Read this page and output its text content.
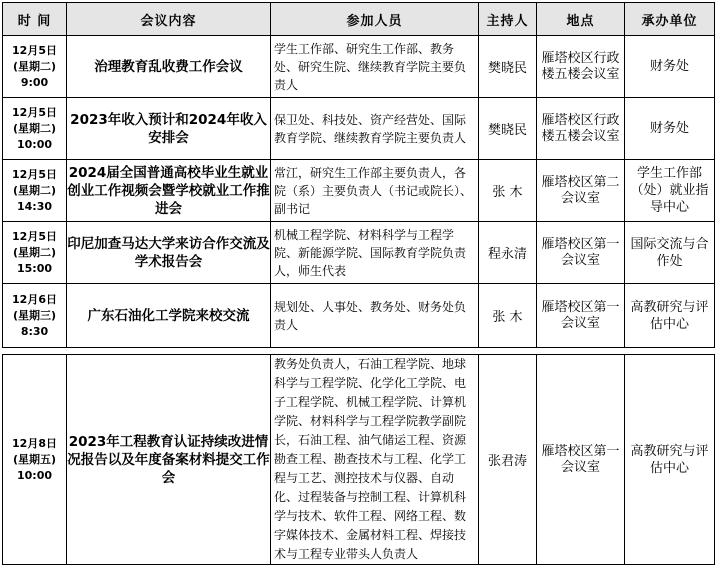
时 间	会议内容	参加人员	主持人	地点	承办单位

12月5日
(星期二)
9:00	治理教育乱收费工作会议	学生工作部、研究生工作部、教务处、研究生院、继续教育学院主要负责人	樊晓民	雁塔校区行政楼五楼会议室	财务处

12月5日
(星期二)
10:00	2023年收入预计和2024年收入安排会	保卫处、科技处、资产经营处、国际教育学院、继续教育学院主要负责人	樊晓民	雁塔校区行政楼五楼会议室	财务处

12月5日
(星期二)
14:30	2024届全国普通高校毕业生就业创业工作视频会暨学校就业工作推进会	常江，研究生工作部主要负责人，各院（系）主要负责人（书记或院长）、副书记	张 木	雁塔校区第二会议室	学生工作部（处）就业指导中心

12月5日
(星期二)
15:00	印尼加查马达大学来访合作交流及学术报告会	机械工程学院、材料科学与工程学院、新能源学院、国际教育学院负责人，师生代表	程永清	雁塔校区第一会议室	国际交流与合作处

12月6日
(星期三)
8:30	广东石油化工学院来校交流	规划处、人事处、教务处、财务处负责人	张 木	雁塔校区第一会议室	高教研究与评估中心

12月8日
(星期五)
10:00	2023年工程教育认证持续改进情况报告以及年度备案材料提交工作会	教务处负责人，石油工程学院、地球科学与工程学院、化学化工学院、电子工程学院、机械工程学院、计算机学院、材料科学与工程学院教学副院长，石油工程、油气储运工程、资源勘查工程、勘查技术与工程、化学工程与工艺、测控技术与仪器、自动化、过程装备与控制工程、计算机科学与技术、软件工程、网络工程、数字媒体技术、金属材料工程、焊接技术与工程专业带头人负责人	张君涛	雁塔校区第一会议室	高教研究与评估中心
